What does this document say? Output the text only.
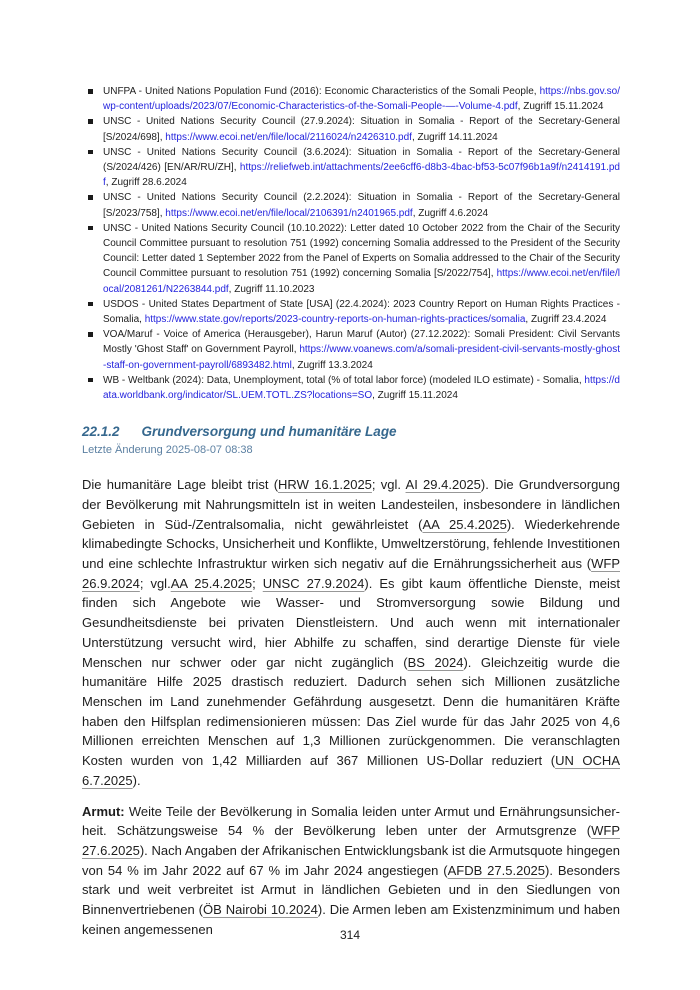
UNFPA - United Nations Population Fund (2016): Economic Characteristics of the Somali People, https://nbs.gov.so/wp-content/uploads/2023/07/Economic-Characteristics-of-the-Somali-People-—-Volume-4.pdf, Zugriff 15.11.2024
UNSC - United Nations Security Council (27.9.2024): Situation in Somalia - Report of the Secretary-General [S/2024/698], https://www.ecoi.net/en/file/local/2116024/n2426310.pdf, Zugriff 14.11.2024
UNSC - United Nations Security Council (3.6.2024): Situation in Somalia - Report of the Secretary-General (S/2024/426) [EN/AR/RU/ZH], https://reliefweb.int/attachments/2ee6cff6-d8b3-4bac-bf53-5c07f96b1a9f/n2414191.pdf, Zugriff 28.6.2024
UNSC - United Nations Security Council (2.2.2024): Situation in Somalia - Report of the Secretary-General [S/2023/758], https://www.ecoi.net/en/file/local/2106391/n2401965.pdf, Zugriff 4.6.2024
UNSC - United Nations Security Council (10.10.2022): Letter dated 10 October 2022 from the Chair of the Security Council Committee pursuant to resolution 751 (1992) concerning Somalia addressed to the President of the Security Council: Letter dated 1 September 2022 from the Panel of Experts on Somalia addressed to the Chair of the Security Council Committee pursuant to resolution 751 (1992) concerning Somalia [S/2022/754], https://www.ecoi.net/en/file/local/2081261/N2263844.pdf, Zugriff 11.10.2023
USDOS - United States Department of State [USA] (22.4.2024): 2023 Country Report on Human Rights Practices - Somalia, https://www.state.gov/reports/2023-country-reports-on-human-rights-practices/somalia, Zugriff 23.4.2024
VOA/Maruf - Voice of America (Herausgeber), Harun Maruf (Autor) (27.12.2022): Somali President: Civil Servants Mostly 'Ghost Staff' on Government Payroll, https://www.voanews.com/a/somali-president-civil-servants-mostly-ghost-staff-on-government-payroll/6893482.html, Zugriff 13.3.2024
WB - Weltbank (2024): Data, Unemployment, total (% of total labor force) (modeled ILO estimate) - Somalia, https://data.worldbank.org/indicator/SL.UEM.TOTL.ZS?locations=SO, Zugriff 15.11.2024
22.1.2 Grundversorgung und humanitäre Lage
Letzte Änderung 2025-08-07 08:38

Die humanitäre Lage bleibt trist (HRW 16.1.2025; vgl. AI 29.4.2025). Die Grundversorgung der Bevölkerung mit Nahrungsmitteln ist in weiten Landesteilen, insbesondere in ländlichen Gebieten in Süd-/Zentralsomalia, nicht gewährleistet (AA 25.4.2025). Wiederkehrende klimabedingte Schocks, Unsicherheit und Konflikte, Umweltzerstörung, fehlende Investitionen und eine schlechte Infrastruktur wirken sich negativ auf die Ernährungssicherheit aus (WFP 26.9.2024; vgl.AA 25.4.2025; UNSC 27.9.2024). Es gibt kaum öffentliche Dienste, meist finden sich Angebote wie Wasser- und Stromversorgung sowie Bildung und Gesundheitsdienste bei privaten Dienstleistern. Und auch wenn mit internationaler Unterstützung versucht wird, hier Abhilfe zu schaffen, sind derartige Dienste für viele Menschen nur schwer oder gar nicht zugänglich (BS 2024). Gleichzeitig wurde die humanitäre Hilfe 2025 drastisch reduziert. Dadurch sehen sich Millionen zusätzliche Menschen im Land zunehmender Gefährdung ausgesetzt. Denn die humanitären Kräfte haben den Hilfsplan redimensionieren müssen: Das Ziel wurde für das Jahr 2025 von 4,6 Millionen erreichten Menschen auf 1,3 Millionen zurückgenommen. Die veranschlagten Kosten wurden von 1,42 Milliarden auf 367 Millionen US-Dollar reduziert (UN OCHA 6.7.2025).

Armut: Weite Teile der Bevölkerung in Somalia leiden unter Armut und Ernährungsunsicherheit. Schätzungsweise 54 % der Bevölkerung leben unter der Armutsgrenze (WFP 27.6.2025). Nach Angaben der Afrikanischen Entwicklungsbank ist die Armutsquote hingegen von 54 % im Jahr 2022 auf 67 % im Jahr 2024 angestiegen (AFDB 27.5.2025). Besonders stark und weit verbreitet ist Armut in ländlichen Gebieten und in den Siedlungen von Binnenvertriebenen (ÖB Nairobi 10.2024). Die Armen leben am Existenzminimum und haben keinen angemessenen	314
